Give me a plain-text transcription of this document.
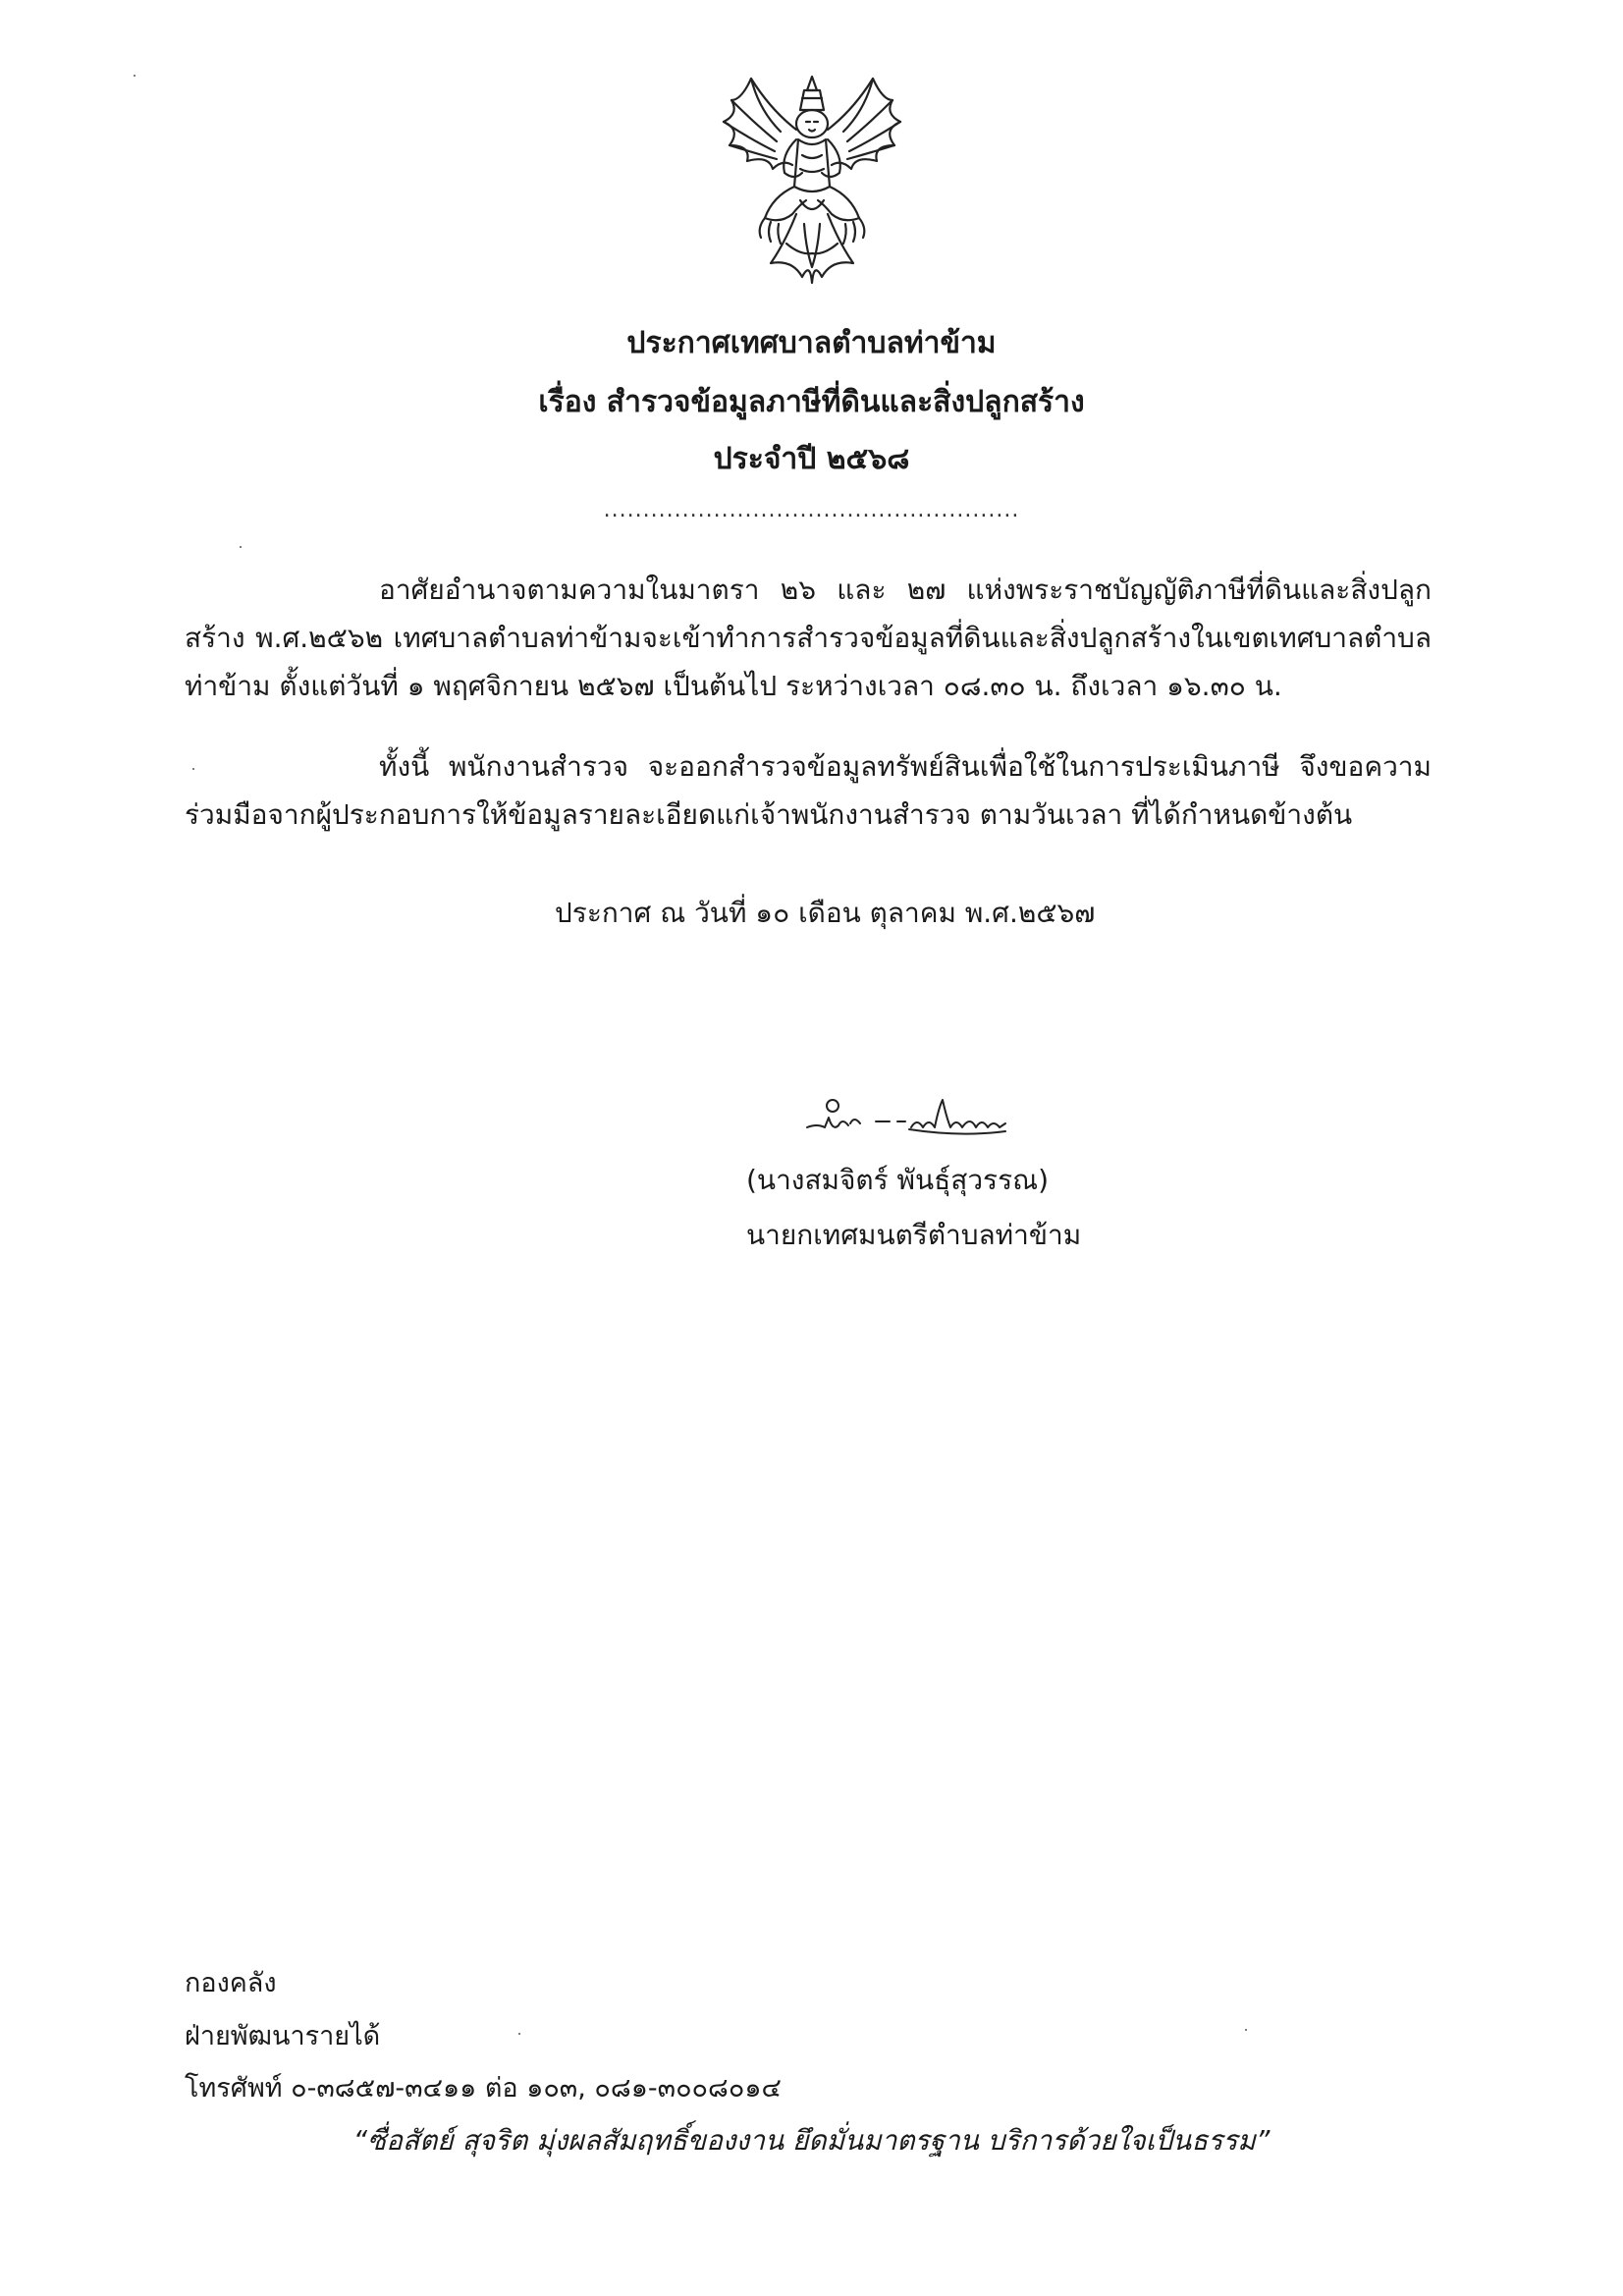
ประกาศเทศบาลตำบลท่าข้าม
เรื่อง สำรวจข้อมูลภาษีที่ดินและสิ่งปลูกสร้าง
ประจำปี ๒๕๖๘
.....................................................
อาศัยอำนาจตามความในมาตรา ๒๖ และ ๒๗ แห่งพระราชบัญญัติภาษีที่ดินและสิ่งปลูกสร้าง พ.ศ.๒๕๖๒ เทศบาลตำบลท่าข้ามจะเข้าทำการสำรวจข้อมูลที่ดินและสิ่งปลูกสร้างในเขตเทศบาลตำบลท่าข้าม ตั้งแต่วันที่ ๑ พฤศจิกายน ๒๕๖๗ เป็นต้นไป ระหว่างเวลา ๐๘.๓๐ น. ถึงเวลา ๑๖.๓๐ น.
ทั้งนี้ พนักงานสำรวจ จะออกสำรวจข้อมูลทรัพย์สินเพื่อใช้ในการประเมินภาษี จึงขอความร่วมมือจากผู้ประกอบการให้ข้อมูลรายละเอียดแก่เจ้าพนักงานสำรวจ ตามวันเวลา ที่ได้กำหนดข้างต้น
ประกาศ ณ วันที่ ๑๐ เดือน ตุลาคม พ.ศ.๒๕๖๗
(นางสมจิตร์ พันธุ์สุวรรณ)
นายกเทศมนตรีตำบลท่าข้าม
กองคลัง
ฝ่ายพัฒนารายได้
โทรศัพท์ ๐-๓๘๕๗-๓๔๑๑ ต่อ ๑๐๓, ๐๘๑-๓๐๐๘๐๑๔
“ซื่อสัตย์ สุจริต มุ่งผลสัมฤทธิ์ของงาน ยึดมั่นมาตรฐาน บริการด้วยใจเป็นธรรม”
